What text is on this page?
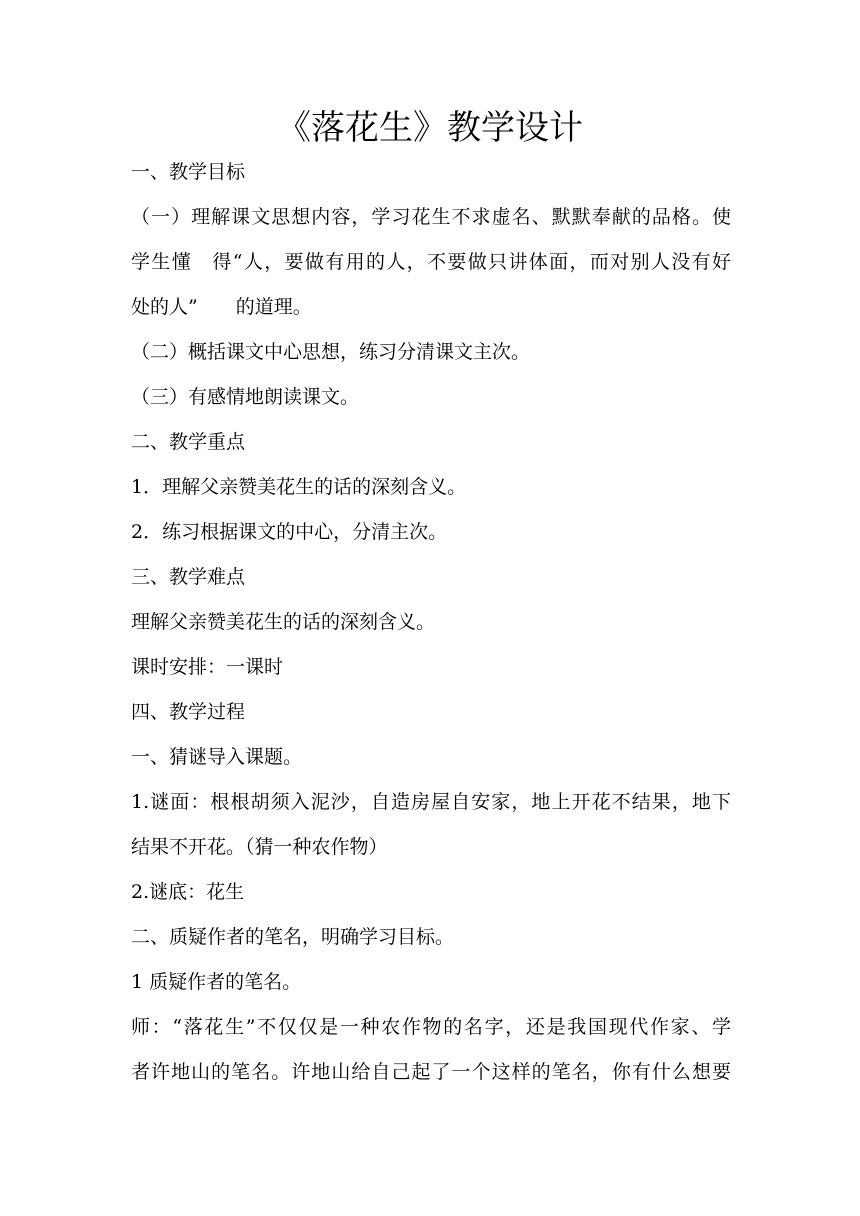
《落花生》教学设计
一、教学目标
（一）理解课文思想内容，学习花生不求虚名、默默奉献的品格。使
学生懂　得“人，要做有用的人，不要做只讲体面，而对别人没有好
处的人”　　的道理。
（二）概括课文中心思想，练习分清课文主次。
（三）有感情地朗读课文。
二、教学重点
1．理解父亲赞美花生的话的深刻含义。
2．练习根据课文的中心，分清主次。
三、教学难点
理解父亲赞美花生的话的深刻含义。
课时安排：一课时
四、教学过程
一、猜谜导入课题。
1.谜面：根根胡须入泥沙，自造房屋自安家，地上开花不结果，地下
结果不开花。（猜一种农作物）
2.谜底：花生
二、质疑作者的笔名，明确学习目标。
1 质疑作者的笔名。
师：“落花生”不仅仅是一种农作物的名字，还是我国现代作家、学
者许地山的笔名。许地山给自己起了一个这样的笔名，你有什么想要
